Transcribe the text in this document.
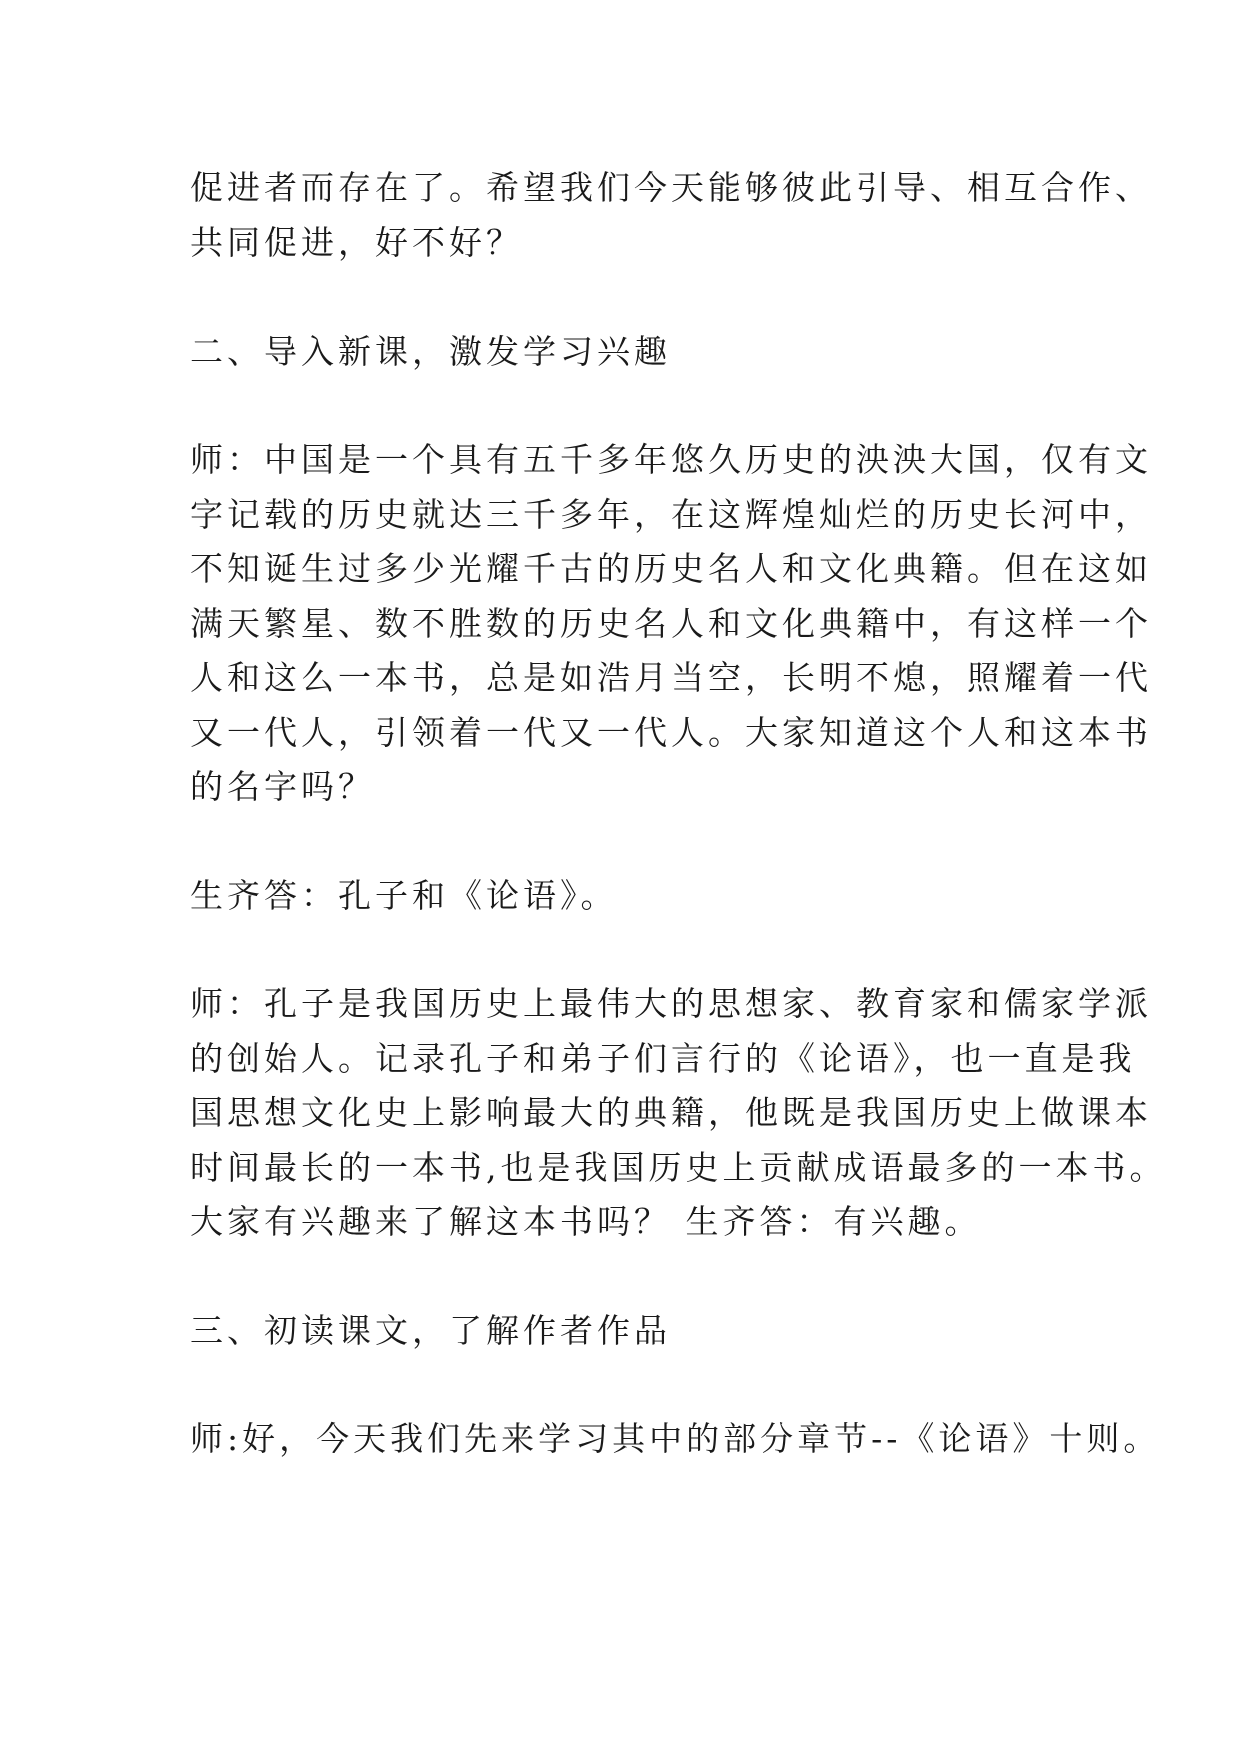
促进者而存在了。希望我们今天能够彼此引导、相互合作、
共同促进，好不好？
二、导入新课，激发学习兴趣
师：中国是一个具有五千多年悠久历史的泱泱大国，仅有文
字记载的历史就达三千多年，在这辉煌灿烂的历史长河中，
不知诞生过多少光耀千古的历史名人和文化典籍。但在这如
满天繁星、数不胜数的历史名人和文化典籍中，有这样一个
人和这么一本书，总是如浩月当空，长明不熄，照耀着一代
又一代人，引领着一代又一代人。大家知道这个人和这本书
的名字吗？
生齐答：孔子和《论语》。
师：孔子是我国历史上最伟大的思想家、教育家和儒家学派
的创始人。记录孔子和弟子们言行的《论语》，也一直是我
国思想文化史上影响最大的典籍，他既是我国历史上做课本
时间最长的一本书,也是我国历史上贡献成语最多的一本书。
大家有兴趣来了解这本书吗？ 生齐答：有兴趣。
三、初读课文，了解作者作品
师:好，今天我们先来学习其中的部分章节--《论语》十则。
